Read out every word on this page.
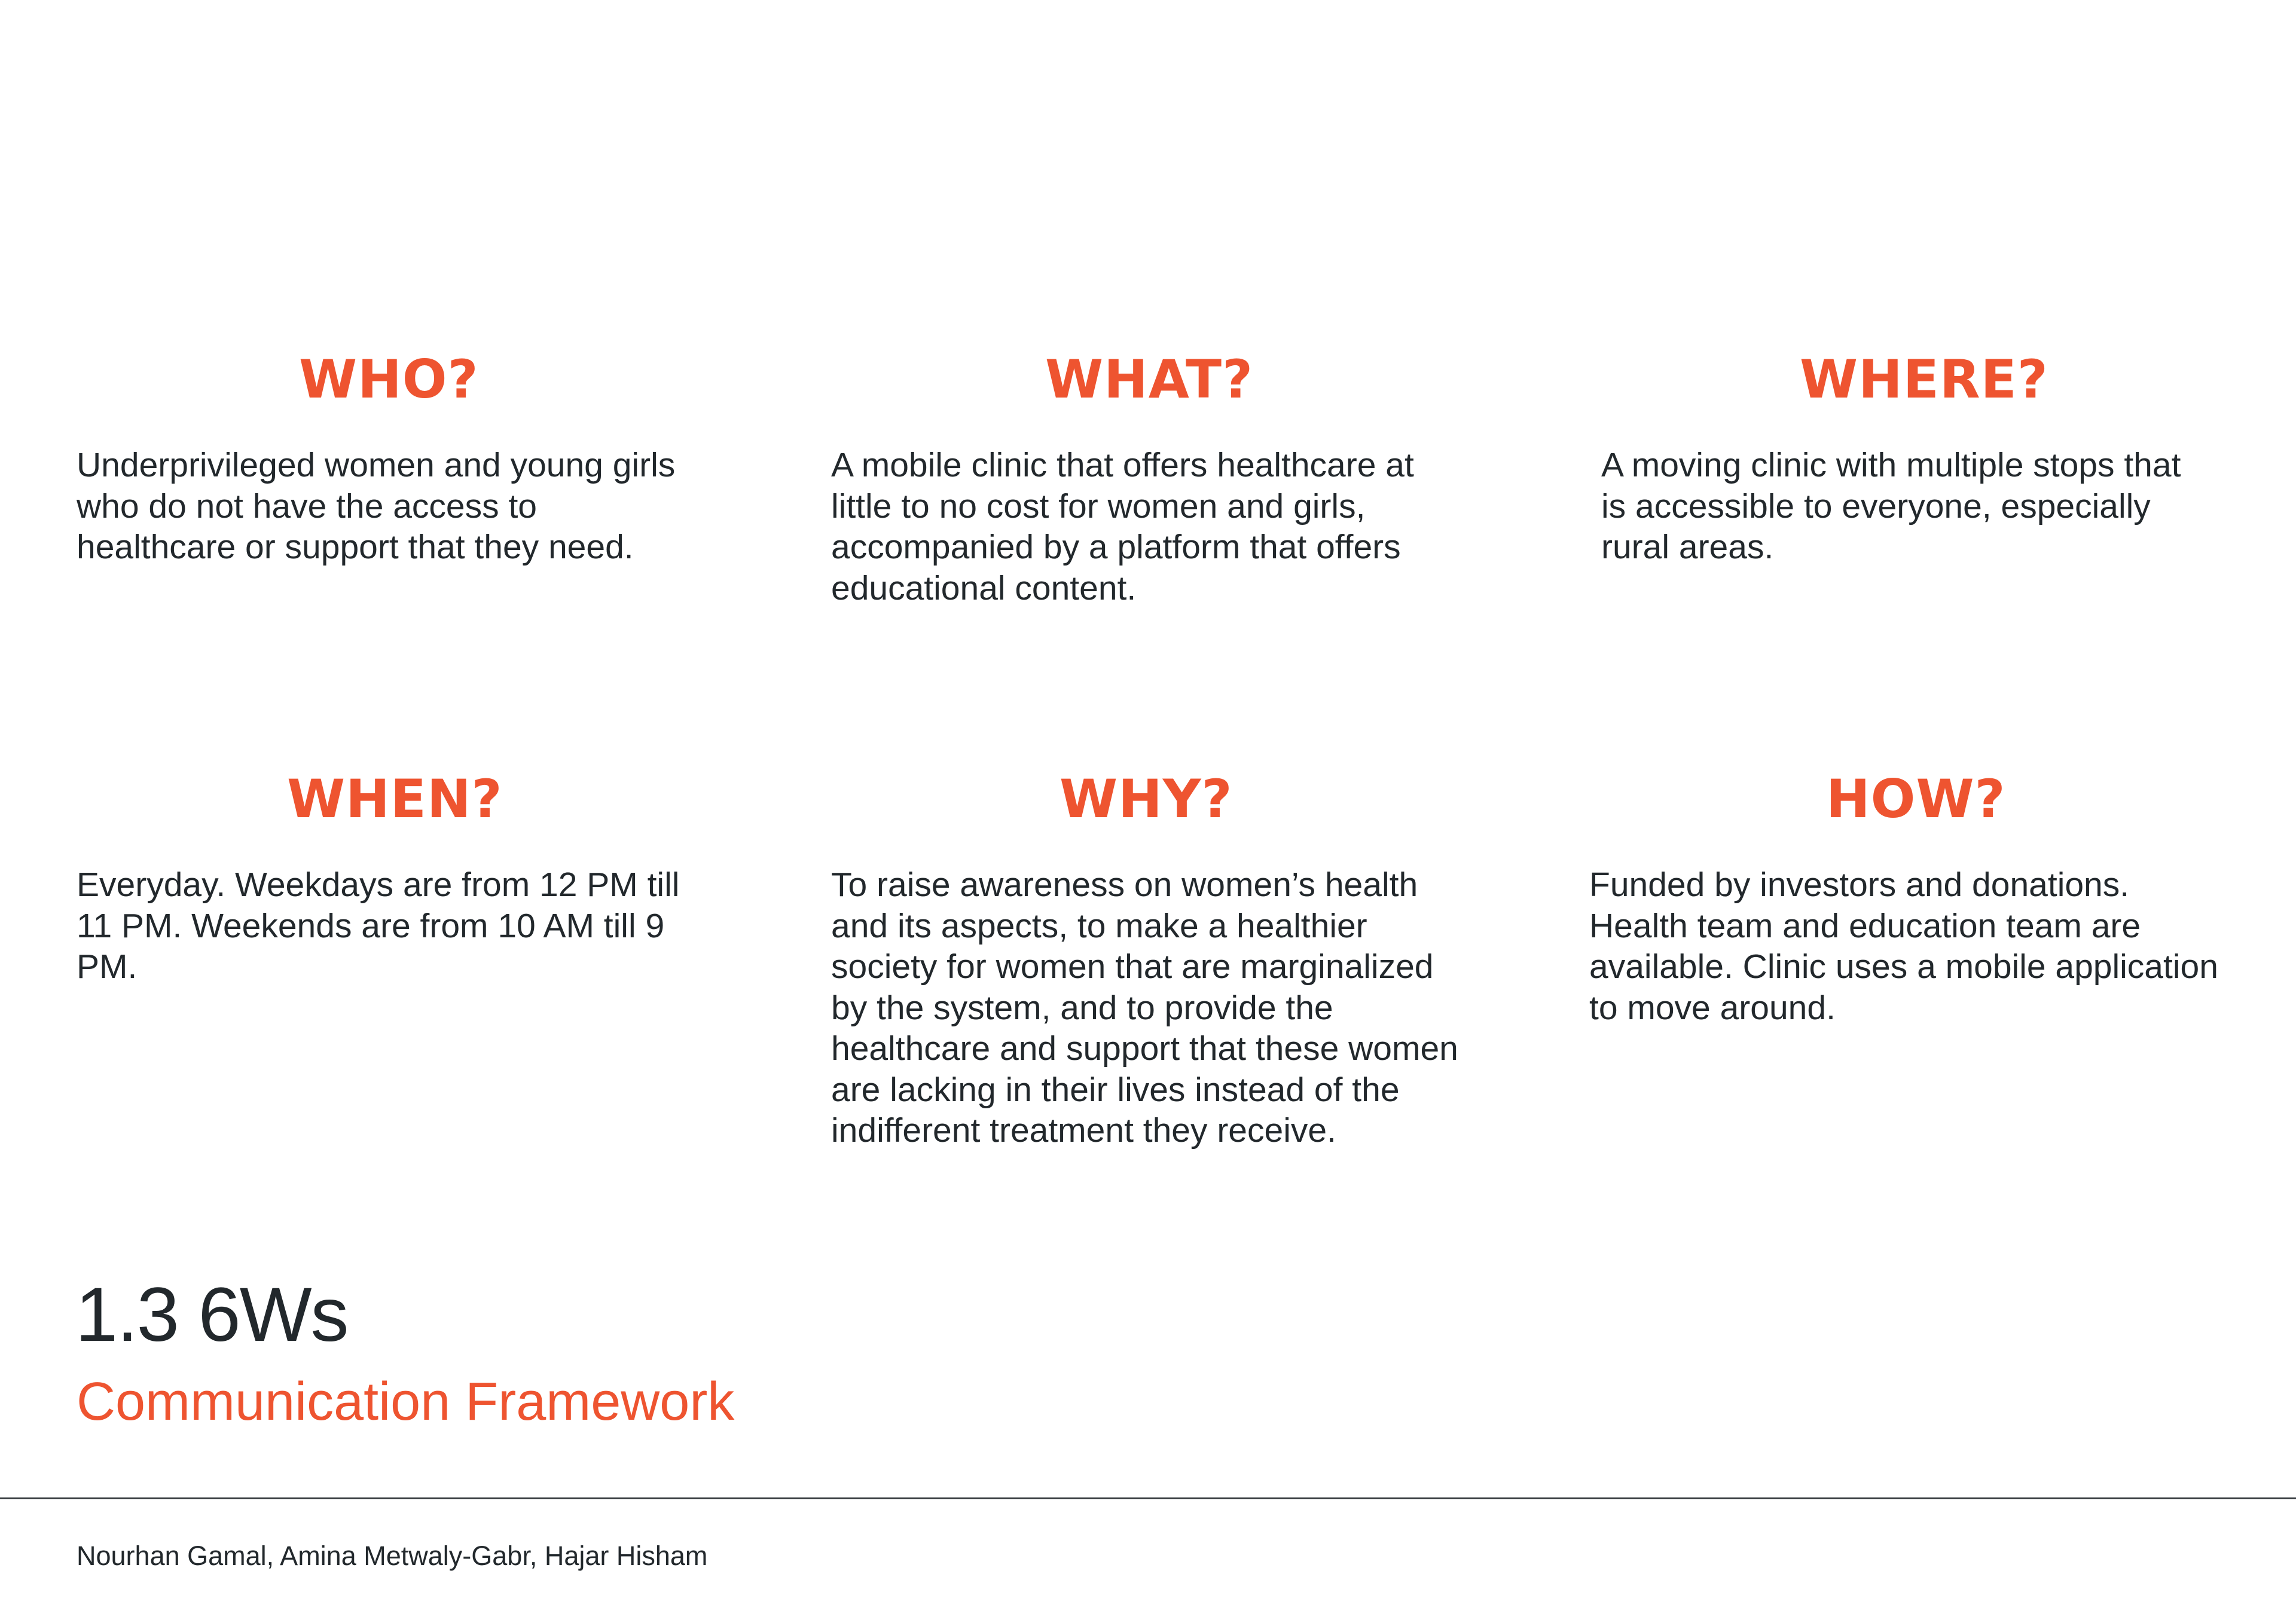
WHO?

Underprivileged women and young girls who do not have the access to healthcare or support that they need.

WHAT?

A mobile clinic that offers healthcare at little to no cost for women and girls, accompanied by a platform that offers educational content.

WHERE?

A moving clinic with multiple stops that is accessible to everyone, especially rural areas.

WHEN?

Everyday. Weekdays are from 12 PM till 11 PM. Weekends are from 10 AM till 9 PM.

WHY?

To raise awareness on women’s health and its aspects, to make a healthier society for women that are marginalized by the system, and to provide the healthcare and support that these women are lacking in their lives instead of the indifferent treatment they receive.

HOW?

Funded by investors and donations. Health team and education team are available. Clinic uses a mobile application to move around.

1.3 6Ws
Communication Framework
Nourhan Gamal, Amina Metwaly-Gabr, Hajar Hisham
